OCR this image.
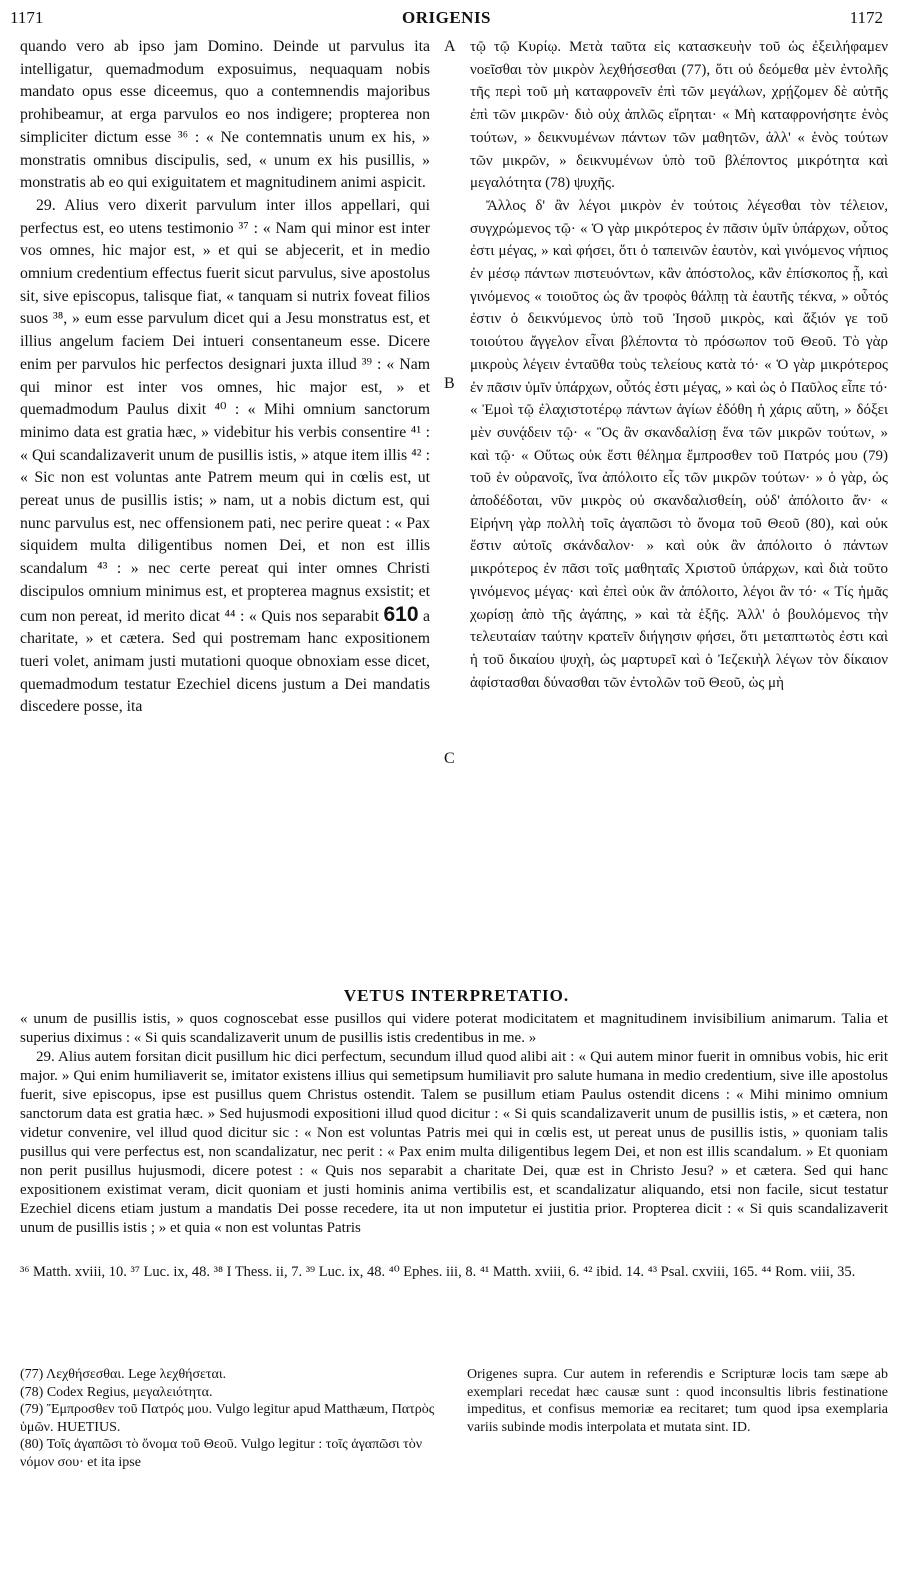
1171	ORIGENIS	1172

quando vero ab ipso jam Domino. Deinde ut parvulus ita intelligatur, quemadmodum exposuimus, nequaquam nobis mandato opus esse diceemus, quo a contemnendis majoribus prohibeamur, at erga parvulos eo nos indigere; propterea non simpliciter dictum esse ³⁶ : « Ne contemnatis unum ex his, » monstratis omnibus discipulis, sed, « unum ex his pusillis, » monstratis ab eo qui exiguitatem et magnitudinem animi aspicit.

29. Alius vero dixerit parvulum inter illos appellari, qui perfectus est, eo utens testimonio ³⁷ : « Nam qui minor est inter vos omnes, hic major est, » et qui se abjecerit, et in medio omnium credentium effectus fuerit sicut parvulus, sive apostolus sit, sive episcopus, talisque fiat, « tanquam si nutrix foveat filios suos ³⁸, » eum esse parvulum dicet qui a Jesu monstratus est, et illius angelum faciem Dei intueri consentaneum esse. Dicere enim per parvulos hic perfectos designari juxta illud ³⁹ : « Nam qui minor est inter vos omnes, hic major est, » et quemadmodum Paulus dixit ⁴⁰ : « Mihi omnium sanctorum minimo data est gratia hæc, » videbitur his verbis consentire ⁴¹ : « Qui scandalizaverit unum de pusillis istis, » atque item illis ⁴² : « Sic non est voluntas ante Patrem meum qui in cœlis est, ut pereat unus de pusillis istis; » nam, ut a nobis dictum est, qui nunc parvulus est, nec offensionem pati, nec perire queat : « Pax siquidem multa diligentibus nomen Dei, et non est illis scandalum ⁴³ : » nec certe pereat qui inter omnes Christi discipulos omnium minimus est, et propterea magnus exsistit; et cum non pereat, id merito dicat ⁴⁴ : « Quis nos separabit 610 a charitate, » et cætera. Sed qui postremam hanc expositionem tueri volet, animam justi mutationi quoque obnoxiam esse dicet, quemadmodum testatur Ezechiel dicens justum a Dei mandatis discedere posse, ita

A
B
C

τῷ τῷ Κυρίῳ. Μετὰ ταῦτα εἰς κατασκευὴν τοῦ ὡς ἐξειλήφαμεν νοεῖσθαι τὸν μικρὸν λεχθήσεσθαι (77), ὅτι οὐ δεόμεθα μὲν ἐντολῆς τῆς περὶ τοῦ μὴ καταφρονεῖν ἐπὶ τῶν μεγάλων, χρῄζομεν δὲ αὐτῆς ἐπὶ τῶν μικρῶν· διὸ οὐχ ἁπλῶς εἴρηται· « Μὴ καταφρονήσητε ἑνὸς τούτων, » δεικνυμένων πάντων τῶν μαθητῶν, ἀλλ' « ἑνὸς τούτων τῶν μικρῶν, » δεικνυμένων ὑπὸ τοῦ βλέποντος μικρότητα καὶ μεγαλότητα (78) ψυχῆς.

Ἄλλος δ' ἂν λέγοι μικρὸν ἐν τούτοις λέγεσθαι τὸν τέλειον, συγχρώμενος τῷ· « Ὁ γὰρ μικρότερος ἐν πᾶσιν ὑμῖν ὑπάρχων, οὗτος ἐστι μέγας, » καὶ φήσει, ὅτι ὁ ταπεινῶν ἑαυτὸν, καὶ γινόμενος νήπιος ἐν μέσῳ πάντων πιστευόντων, κἂν ἀπόστολος, κἂν ἐπίσκοπος ᾖ, καὶ γινόμενος « τοιοῦτος ὡς ἂν τροφὸς θάλπῃ τὰ ἑαυτῆς τέκνα, » οὗτός ἐστιν ὁ δεικνύμενος ὑπὸ τοῦ Ἰησοῦ μικρὸς, καὶ ἄξιόν γε τοῦ τοιούτου ἄγγελον εἶναι βλέποντα τὸ πρόσωπον τοῦ Θεοῦ. Τὸ γὰρ μικροὺς λέγειν ἐνταῦθα τοὺς τελείους κατὰ τό· « Ὁ γὰρ μικρότερος ἐν πᾶσιν ὑμῖν ὑπάρχων, οὗτός ἐστι μέγας, » καὶ ὡς ὁ Παῦλος εἶπε τό· « Ἐμοὶ τῷ ἐλαχιστοτέρῳ πάντων ἁγίων ἐδόθη ἡ χάρις αὕτη, » δόξει μὲν συνᾴδειν τῷ· « Ὃς ἂν σκανδαλίσῃ ἕνα τῶν μικρῶν τούτων, » καὶ τῷ· « Οὕτως οὐκ ἔστι θέλημα ἔμπροσθεν τοῦ Πατρός μου (79) τοῦ ἐν οὐρανοῖς, ἵνα ἀπόλοιτο εἷς τῶν μικρῶν τούτων· » ὁ γὰρ, ὡς ἀποδέδοται, νῦν μικρὸς οὐ σκανδαλισθείη, οὐδ' ἀπόλοιτο ἄν· « Εἰρήνη γὰρ πολλὴ τοῖς ἀγαπῶσι τὸ ὄνομα τοῦ Θεοῦ (80), καὶ οὐκ ἔστιν αὐτοῖς σκάνδαλον· » καὶ οὐκ ἂν ἀπόλοιτο ὁ πάντων μικρότερος ἐν πᾶσι τοῖς μαθηταῖς Χριστοῦ ὑπάρχων, καὶ διὰ τοῦτο γινόμενος μέγας· καὶ ἐπεὶ οὐκ ἂν ἀπόλοιτο, λέγοι ἂν τό· « Τίς ἡμᾶς χωρίσῃ ἀπὸ τῆς ἀγάπης, » καὶ τὰ ἑξῆς. Ἀλλ' ὁ βουλόμενος τὴν τελευταίαν ταύτην κρατεῖν διήγησιν φήσει, ὅτι μεταπτωτὸς ἐστι καὶ ἡ τοῦ δικαίου ψυχὴ, ὡς μαρτυρεῖ καὶ ὁ Ἰεζεκιὴλ λέγων τὸν δίκαιον ἀφίστασθαι δύνασθαι τῶν ἐντολῶν τοῦ Θεοῦ, ὡς μὴ

VETUS INTERPRETATIO.

« unum de pusillis istis, » quos cognoscebat esse pusillos qui videre poterat modicitatem et magnitudinem invisibilium animarum. Talia et superius diximus : « Si quis scandalizaverit unum de pusillis istis credentibus in me. »

29. Alius autem forsitan dicit pusillum hic dici perfectum, secundum illud quod alibi ait : « Qui autem minor fuerit in omnibus vobis, hic erit major. » Qui enim humiliaverit se, imitator existens illius qui semetipsum humiliavit pro salute humana in medio credentium, sive ille apostolus fuerit, sive episcopus, ipse est pusillus quem Christus ostendit. Talem se pusillum etiam Paulus ostendit dicens : « Mihi minimo omnium sanctorum data est gratia hæc. » Sed hujusmodi expositioni illud quod dicitur : « Si quis scandalizaverit unum de pusillis istis, » et cætera, non videtur convenire, vel illud quod dicitur sic : « Non est voluntas Patris mei qui in cœlis est, ut pereat unus de pusillis istis, » quoniam talis pusillus qui vere perfectus est, non scandalizatur, nec perit : « Pax enim multa diligentibus legem Dei, et non est illis scandalum. » Et quoniam non perit pusillus hujusmodi, dicere potest : « Quis nos separabit a charitate Dei, quæ est in Christo Jesu? » et cætera. Sed qui hanc expositionem existimat veram, dicit quoniam et justi hominis anima vertibilis est, et scandalizatur aliquando, etsi non facile, sicut testatur Ezechiel dicens etiam justum a mandatis Dei posse recedere, ita ut non imputetur ei justitia prior. Propterea dicit : « Si quis scandalizaverit unum de pusillis istis ; » et quia « non est voluntas Patris

³⁶ Matth. xviii, 10. ³⁷ Luc. ix, 48. ³⁸ I Thess. ii, 7. ³⁹ Luc. ix, 48. ⁴⁰ Ephes. iii, 8. ⁴¹ Matth. xviii, 6. ⁴² ibid. 14. ⁴³ Psal. cxviii, 165. ⁴⁴ Rom. viii, 35.

(77) Λεχθήσεσθαι. Lege λεχθήσεται.

(78) Codex Regius, μεγαλειότητα.

(79) Ἔμπροσθεν τοῦ Πατρός μου. Vulgo legitur apud Matthæum, Πατρὸς ὑμῶν. HUETIUS.

(80) Τοῖς ἀγαπῶσι τὸ ὄνομα τοῦ Θεοῦ. Vulgo legitur : τοῖς ἀγαπῶσι τὸν νόμον σου· et ita ipse

Origenes supra. Cur autem in referendis e Scripturæ locis tam sæpe ab exemplari recedat hæc causæ sunt : quod inconsultis libris festinatione impeditus, et confisus memoriæ ea recitaret; tum quod ipsa exemplaria variis subinde modis interpolata et mutata sint. ID.
